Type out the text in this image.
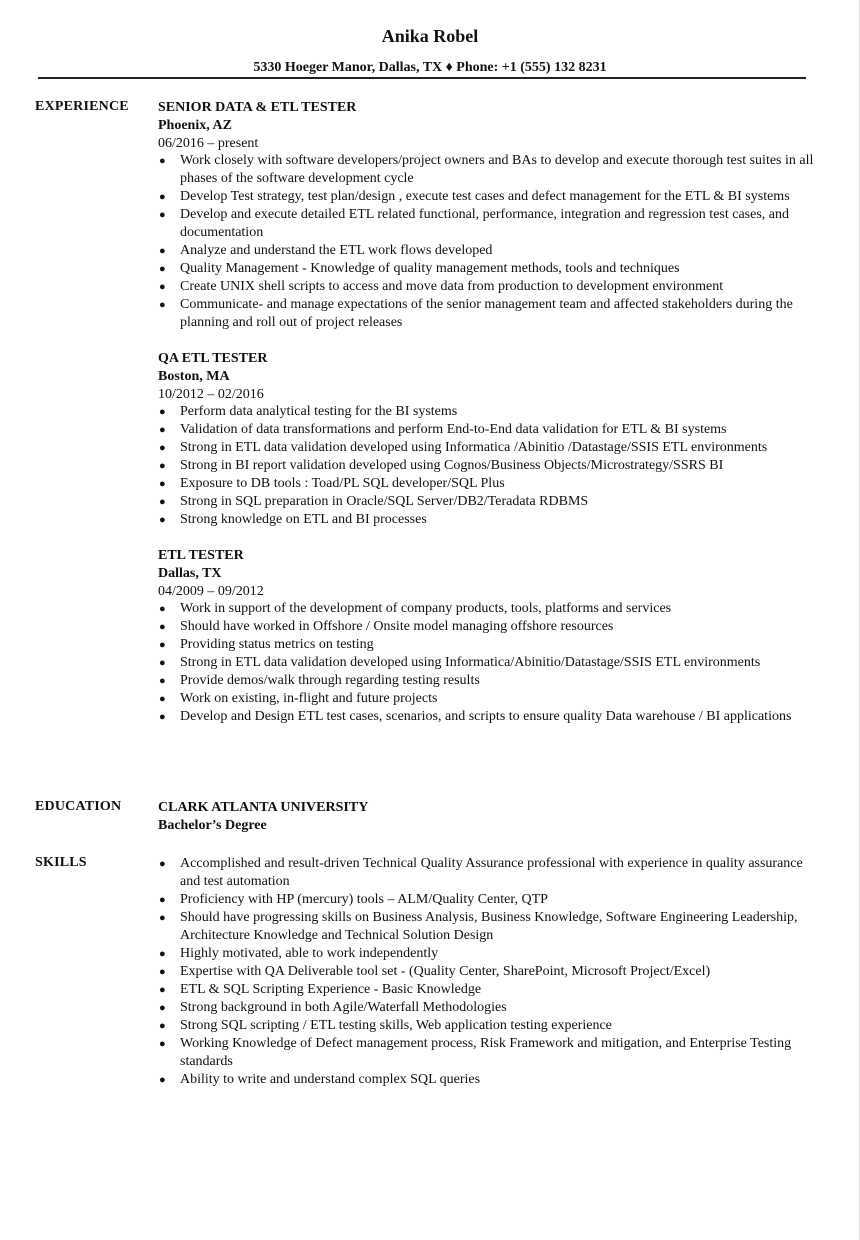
Anika Robel
5330 Hoeger Manor, Dallas, TX ♦ Phone: +1 (555) 132 8231
EXPERIENCE SENIOR DATA & ETL TESTER
Phoenix, AZ
06/2016 – present
● Work closely with software developers/project owners and BAs to develop and execute thorough test suites in all phases of the software development cycle
● Develop Test strategy, test plan/design , execute test cases and defect management for the ETL & BI systems
● Develop and execute detailed ETL related functional, performance, integration and regression test cases, and documentation
● Analyze and understand the ETL work flows developed
● Quality Management - Knowledge of quality management methods, tools and techniques
● Create UNIX shell scripts to access and move data from production to development environment
● Communicate- and manage expectations of the senior management team and affected stakeholders during the planning and roll out of project releases
QA ETL TESTER
Boston, MA
10/2012 – 02/2016
● Perform data analytical testing for the BI systems
● Validation of data transformations and perform End-to-End data validation for ETL & BI systems
● Strong in ETL data validation developed using Informatica /Abinitio /Datastage/SSIS ETL environments
● Strong in BI report validation developed using Cognos/Business Objects/Microstrategy/SSRS BI
● Exposure to DB tools : Toad/PL SQL developer/SQL Plus
● Strong in SQL preparation in Oracle/SQL Server/DB2/Teradata RDBMS
● Strong knowledge on ETL and BI processes
ETL TESTER
Dallas, TX
04/2009 – 09/2012
● Work in support of the development of company products, tools, platforms and services
● Should have worked in Offshore / Onsite model managing offshore resources
● Providing status metrics on testing
● Strong in ETL data validation developed using Informatica/Abinitio/Datastage/SSIS ETL environments
● Provide demos/walk through regarding testing results
● Work on existing, in-flight and future projects
● Develop and Design ETL test cases, scenarios, and scripts to ensure quality Data warehouse / BI applications
EDUCATION	CLARK ATLANTA UNIVERSITY
Bachelor’s Degree
SKILLS	● Accomplished and result-driven Technical Quality Assurance professional with experience in quality assurance and test automation
● Proficiency with HP (mercury) tools – ALM/Quality Center, QTP
● Should have progressing skills on Business Analysis, Business Knowledge, Software Engineering Leadership, Architecture Knowledge and Technical Solution Design
● Highly motivated, able to work independently
● Expertise with QA Deliverable tool set - (Quality Center, SharePoint, Microsoft Project/Excel)
● ETL & SQL Scripting Experience - Basic Knowledge
● Strong background in both Agile/Waterfall Methodologies
● Strong SQL scripting / ETL testing skills, Web application testing experience
● Working Knowledge of Defect management process, Risk Framework and mitigation, and Enterprise Testing standards
● Ability to write and understand complex SQL queries
